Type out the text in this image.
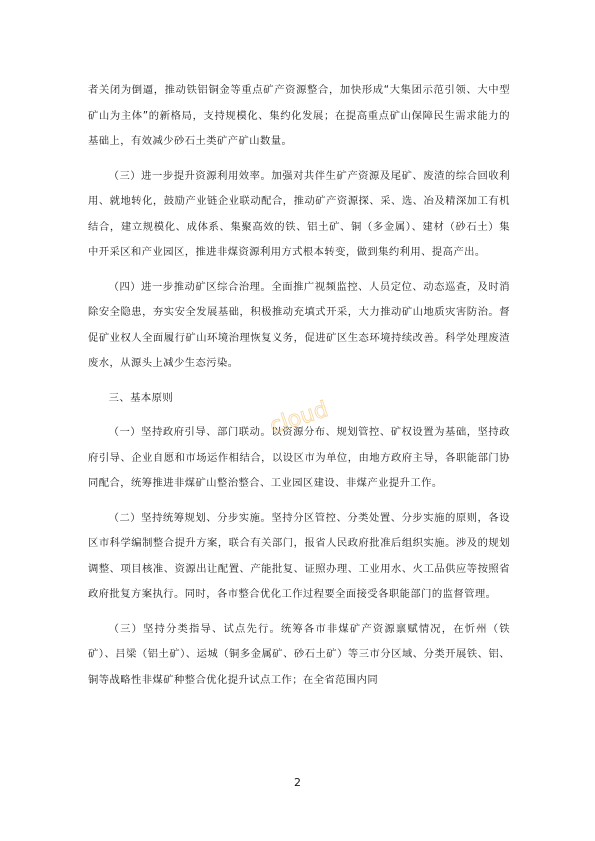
者关闭为倒逼，推动铁铝铜金等重点矿产资源整合，加快形成“大集团示范引领、大中型矿山为主体”的新格局，支持规模化、集约化发展；在提高重点矿山保障民生需求能力的基础上，有效减少砂石土类矿产矿山数量。

（三）进一步提升资源利用效率。加强对共伴生矿产资源及尾矿、废渣的综合回收利用、就地转化，鼓励产业链企业联动配合，推动矿产资源探、采、选、冶及精深加工有机结合，建立规模化、成体系、集聚高效的铁、铝土矿、铜（多金属）、建材（砂石土）集中开采区和产业园区，推进非煤资源利用方式根本转变，做到集约利用、提高产出。

（四）进一步推动矿区综合治理。全面推广视频监控、人员定位、动态巡查，及时消除安全隐患，夯实安全发展基础，积极推动充填式开采，大力推动矿山地质灾害防治。督促矿业权人全面履行矿山环境治理恢复义务，促进矿区生态环境持续改善。科学处理废渣废水，从源头上减少生态污染。

三、基本原则

（一）坚持政府引导、部门联动。以资源分布、规划管控、矿权设置为基础，坚持政府引导、企业自愿和市场运作相结合，以设区市为单位，由地方政府主导，各职能部门协同配合，统筹推进非煤矿山整治整合、工业园区建设、非煤产业提升工作。

（二）坚持统筹规划、分步实施。坚持分区管控、分类处置、分步实施的原则，各设区市科学编制整合提升方案，联合有关部门，报省人民政府批准后组织实施。涉及的规划调整、项目核准、资源出让配置、产能批复、证照办理、工业用水、火工品供应等按照省政府批复方案执行。同时，各市整合优化工作过程要全面接受各职能部门的监督管理。

（三）坚持分类指导、试点先行。统筹各市非煤矿产资源禀赋情况，在忻州（铁矿）、吕梁（铝土矿）、运城（铜多金属矿、砂石土矿）等三市分区域、分类开展铁、铝、铜等战略性非煤矿种整合优化提升试点工作；在全省范围内同

cloud
2
